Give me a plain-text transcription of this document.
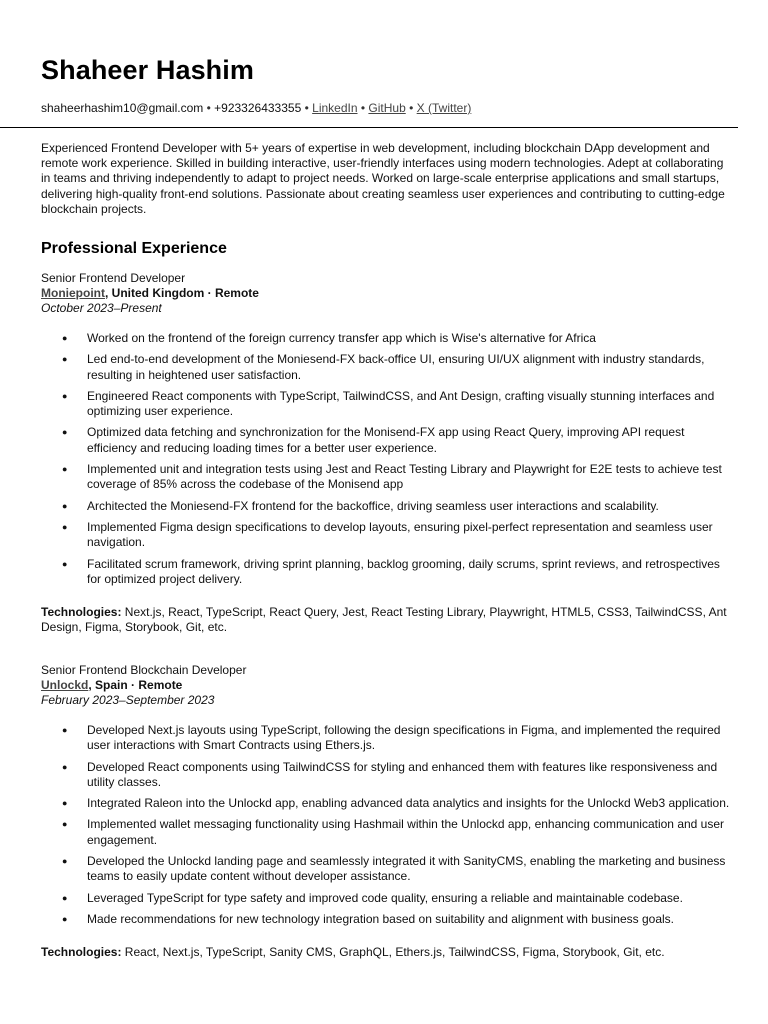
Shaheer Hashim
shaheerhashim10@gmail.com • +923326433355 • LinkedIn • GitHub • X (Twitter)

Experienced Frontend Developer with 5+ years of expertise in web development, including blockchain DApp development and remote work experience. Skilled in building interactive, user-friendly interfaces using modern technologies. Adept at collaborating in teams and thriving independently to adapt to project needs. Worked on large-scale enterprise applications and small startups, delivering high-quality front-end solutions. Passionate about creating seamless user experiences and contributing to cutting-edge blockchain projects.

Professional Experience
Senior Frontend Developer
Moniepoint, United Kingdom · Remote
October 2023–Present
● Worked on the frontend of the foreign currency transfer app which is Wise's alternative for Africa
● Led end-to-end development of the Moniesend-FX back-office UI, ensuring UI/UX alignment with industry standards, resulting in heightened user satisfaction.
● Engineered React components with TypeScript, TailwindCSS, and Ant Design, crafting visually stunning interfaces and optimizing user experience.
● Optimized data fetching and synchronization for the Monisend-FX app using React Query, improving API request efficiency and reducing loading times for a better user experience.
● Implemented unit and integration tests using Jest and React Testing Library and Playwright for E2E tests to achieve test coverage of 85% across the codebase of the Monisend app
● Architected the Moniesend-FX frontend for the backoffice, driving seamless user interactions and scalability.
● Implemented Figma design specifications to develop layouts, ensuring pixel-perfect representation and seamless user navigation.
● Facilitated scrum framework, driving sprint planning, backlog grooming, daily scrums, sprint reviews, and retrospectives for optimized project delivery.

Technologies: Next.js, React, TypeScript, React Query, Jest, React Testing Library, Playwright, HTML5, CSS3, TailwindCSS, Ant Design, Figma, Storybook, Git, etc.

Senior Frontend Blockchain Developer
Unlockd, Spain · Remote
February 2023–September 2023
● Developed Next.js layouts using TypeScript, following the design specifications in Figma, and implemented the required user interactions with Smart Contracts using Ethers.js.
● Developed React components using TailwindCSS for styling and enhanced them with features like responsiveness and utility classes.
● Integrated Raleon into the Unlockd app, enabling advanced data analytics and insights for the Unlockd Web3 application.
● Implemented wallet messaging functionality using Hashmail within the Unlockd app, enhancing communication and user engagement.
● Developed the Unlockd landing page and seamlessly integrated it with SanityCMS, enabling the marketing and business teams to easily update content without developer assistance.
● Leveraged TypeScript for type safety and improved code quality, ensuring a reliable and maintainable codebase.
● Made recommendations for new technology integration based on suitability and alignment with business goals.

Technologies: React, Next.js, TypeScript, Sanity CMS, GraphQL, Ethers.js, TailwindCSS, Figma, Storybook, Git, etc.
